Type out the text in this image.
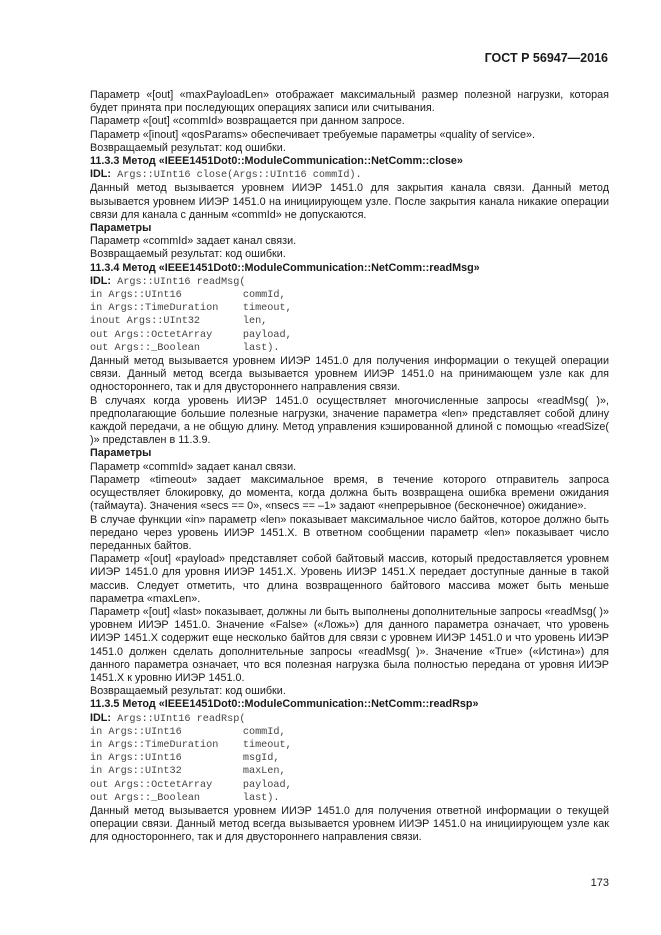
ГОСТ Р 56947—2016

Параметр «[out] «maxPayloadLen» отображает максимальный размер полезной нагрузки, которая будет принята при последующих операциях записи или считывания.

Параметр «[out] «commId» возвращается при данном запросе.

Параметр «[inout] «qosParams» обеспечивает требуемые параметры «quality of service».

Возвращаемый результат: код ошибки.

11.3.3 Метод «IEEE1451Dot0::ModuleCommunication::NetComm::close»

IDL: Args::UInt16 close(Args::UInt16 commId).

Данный метод вызывается уровнем ИИЭР 1451.0 для закрытия канала связи. Данный метод вызывается уровнем ИИЭР 1451.0 на инициирующем узле. После закрытия канала никакие операции связи для канала с данным «commId» не допускаются.

Параметры

Параметр «commId» задает канал связи.

Возвращаемый результат: код ошибки.

11.3.4 Метод «IEEE1451Dot0::ModuleCommunication::NetComm::readMsg»

IDL: Args::UInt16 readMsg(

in Args::UInt16          commId,

in Args::TimeDuration    timeout,

inout Args::UInt32       len,

out Args::OctetArray     payload,

out Args::_Boolean       last).

Данный метод вызывается уровнем ИИЭР 1451.0 для получения информации о текущей операции связи. Данный метод всегда вызывается уровнем ИИЭР 1451.0 на принимающем узле как для одностороннего, так и для двустороннего направления связи.

В случаях когда уровень ИИЭР 1451.0 осуществляет многочисленные запросы «readMsg( )», предполагающие большие полезные нагрузки, значение параметра «len» представляет собой длину каждой передачи, а не общую длину. Метод управления кэшированной длиной с помощью «readSize( )» представлен в 11.3.9.

Параметры

Параметр «commId» задает канал связи.

Параметр «timeout» задает максимальное время, в течение которого отправитель запроса осуществляет блокировку, до момента, когда должна быть возвращена ошибка времени ожидания (таймаута). Значения «secs == 0», «nsecs == –1» задают «непрерывное (бесконечное) ожидание».

В случае функции «in» параметр «len» показывает максимальное число байтов, которое должно быть передано через уровень ИИЭР 1451.X. В ответном сообщении параметр «len» показывает число переданных байтов.

Параметр «[out] «payload» представляет собой байтовый массив, который предоставляется уровнем ИИЭР 1451.0 для уровня ИИЭР 1451.X. Уровень ИИЭР 1451.X передает доступные данные в такой массив. Следует отметить, что длина возвращенного байтового массива может быть меньше параметра «maxLen».

Параметр «[out] «last» показывает, должны ли быть выполнены дополнительные запросы «readMsg( )» уровнем ИИЭР 1451.0. Значение «False» («Ложь») для данного параметра означает, что уровень ИИЭР 1451.X содержит еще несколько байтов для связи с уровнем ИИЭР 1451.0 и что уровень ИИЭР 1451.0 должен сделать дополнительные запросы «readMsg( )». Значение «True» («Истина») для данного параметра означает, что вся полезная нагрузка была полностью передана от уровня ИИЭР 1451.X к уровню ИИЭР 1451.0.

Возвращаемый результат: код ошибки.

11.3.5 Метод «IEEE1451Dot0::ModuleCommunication::NetComm::readRsp»

IDL: Args::UInt16 readRsp(

in Args::UInt16          commId,

in Args::TimeDuration    timeout,

in Args::UInt16          msgId,

in Args::UInt32          maxLen,

out Args::OctetArray     payload,

out Args::_Boolean       last).

Данный метод вызывается уровнем ИИЭР 1451.0 для получения ответной информации о текущей операции связи. Данный метод всегда вызывается уровнем ИИЭР 1451.0 на инициирующем узле как для одностороннего, так и для двустороннего направления связи.

173
